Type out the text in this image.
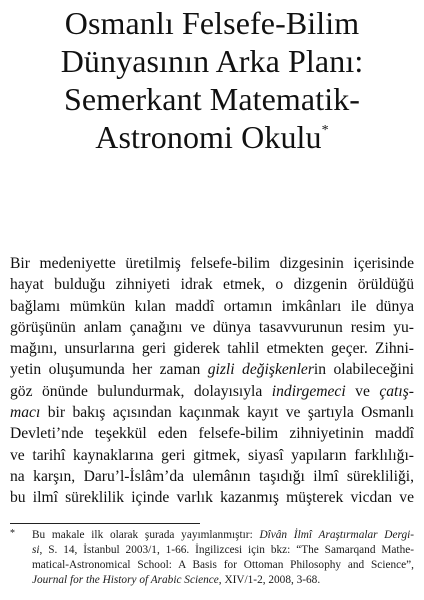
Osmanlı Felsefe-Bilim
Dünyasının Arka Planı:
Semerkant Matematik-
Astronomi Okulu*
Bir medeniyette üretilmiş felsefe-bilim dizgesinin içerisinde
hayat bulduğu zihniyeti idrak etmek, o dizgenin örüldüğü
bağlamı mümkün kılan maddî ortamın imkânları ile dünya
görüşünün anlam çanağını ve dünya tasavvurunun resim yu-
mağını, unsurlarına geri giderek tahlil etmekten geçer. Zihni-
yetin oluşumunda her zaman gizli değişkenlerin olabileceğini
göz önünde bulundurmak, dolayısıyla indirgemeci ve çatış-
macı bir bakış açısından kaçınmak kayıt ve şartıyla Osmanlı
Devleti’nde teşekkül eden felsefe-bilim zihniyetinin maddî
ve tarihî kaynaklarına geri gitmek, siyasî yapıların farklılığı-
na karşın, Daru’l-İslâm’da ulemânın taşıdığı ilmî sürekliliği,
bu ilmî süreklilik içinde varlık kazanmış müşterek vicdan ve
*	Bu makale ilk olarak şurada yayımlanmıştır: Dîvân İlmî Araştırmalar Dergi-
si, S. 14, İstanbul 2003/1, 1-66. İngilizcesi için bkz: “The Samarqand Mathe-
matical-Astronomical School: A Basis for Ottoman Philosophy and Science”,
Journal for the History of Arabic Science, XIV/1-2, 2008, 3-68.
